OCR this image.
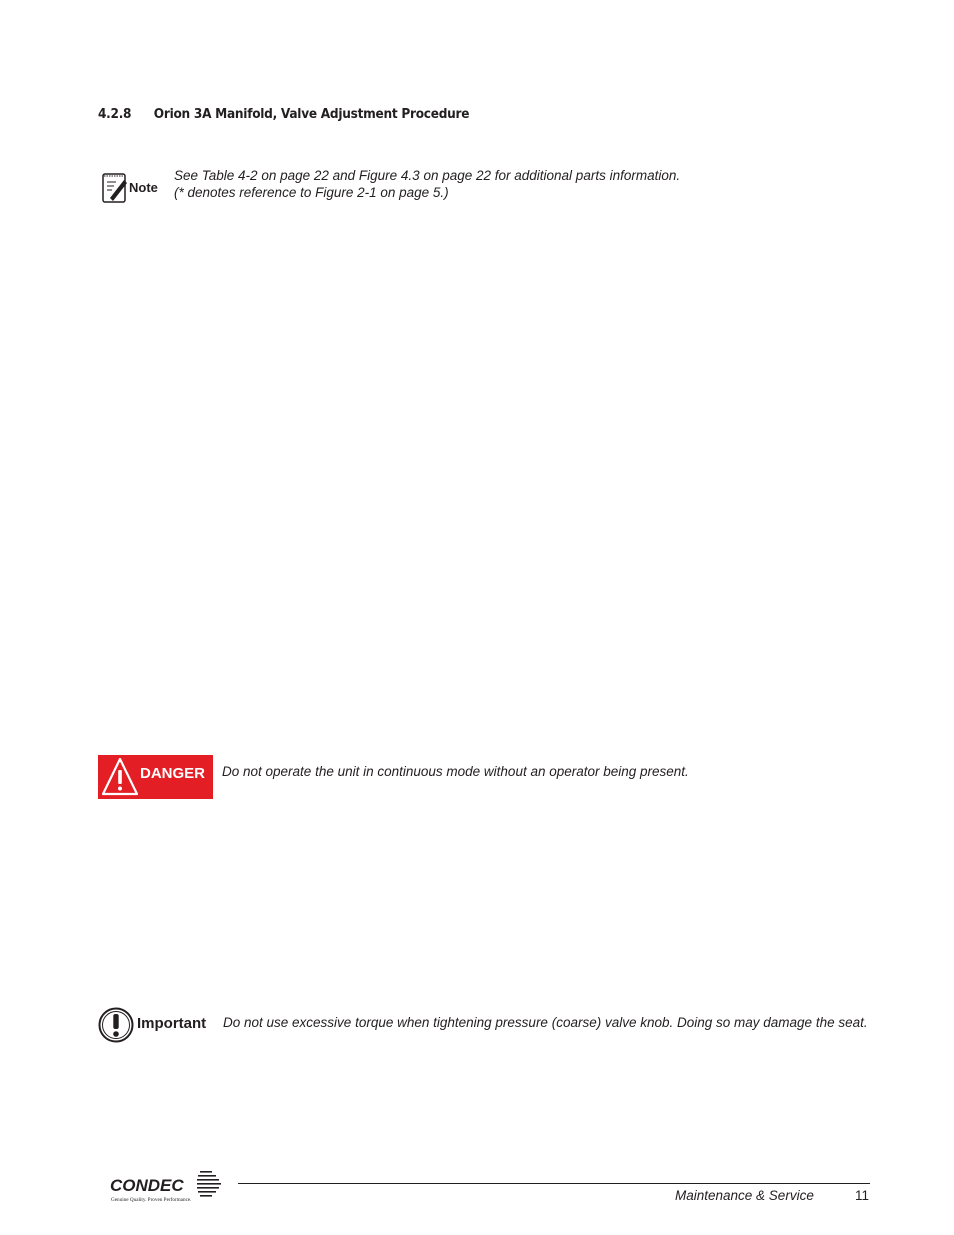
4.2.8 Orion 3A Manifold, Valve Adjustment Procedure
Note
See Table 4-2 on page 22 and Figure 4.3 on page 22 for additional parts information.
(* denotes reference to Figure 2-1 on page 5.)
DANGER Do not operate the unit in continuous mode without an operator being present.
Important Do not use excessive torque when tightening pressure (coarse) valve knob. Doing so may damage the seat.
CONDEC
Genuine Quality. Proven Performance.	Maintenance & Service	11
